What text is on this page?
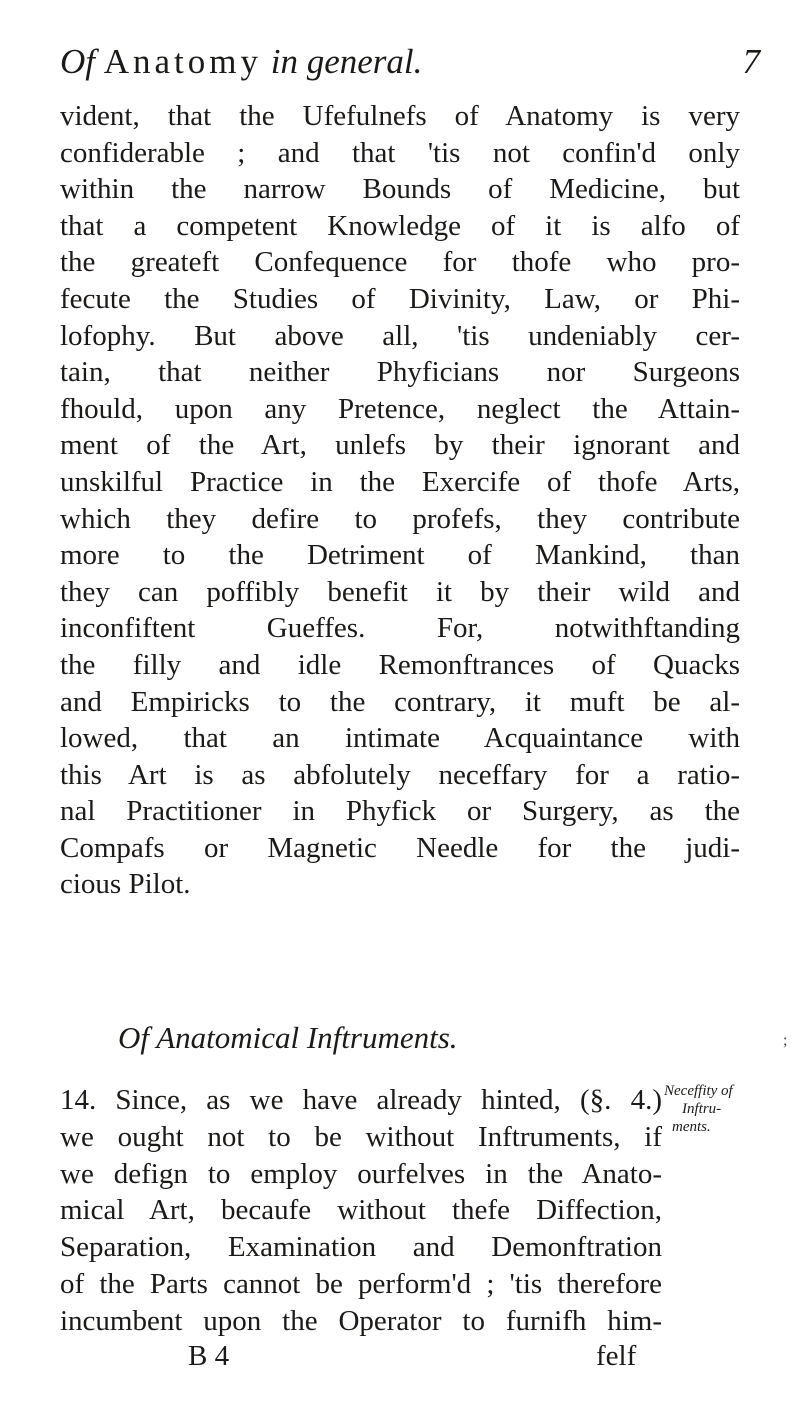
Of Anatomy in general.	7
vident, that the Ufefulnefs of Anatomy is very
confiderable ; and that 'tis not confin'd only
within the narrow Bounds of Medicine, but
that a competent Knowledge of it is alfo of
the greateft Confequence for thofe who pro-
fecute the Studies of Divinity, Law, or Phi-
lofophy. But above all, 'tis undeniably cer-
tain, that neither Phyficians nor Surgeons
fhould, upon any Pretence, neglect the Attain-
ment of the Art, unlefs by their ignorant and
unskilful Practice in the Exercife of thofe Arts,
which they defire to profefs, they contribute
more to the Detriment of Mankind, than
they can poffibly benefit it by their wild and
inconfiftent Gueffes. For, notwithftanding
the filly and idle Remonftrances of Quacks
and Empiricks to the contrary, it muft be al-
lowed, that an intimate Acquaintance with
this Art is as abfolutely neceffary for a ratio-
nal Practitioner in Phyfick or Surgery, as the
Compafs or Magnetic Needle for the judi-
cious Pilot.
;
Of Anatomical Inftruments.
14. Since, as we have already hinted, (§. 4.)
we ought not to be without Inftruments, if
we defign to employ ourfelves in the Anato-
mical Art, becaufe without thefe Diffection,
Separation, Examination and Demonftration
of the Parts cannot be perform'd ; 'tis therefore
incumbent upon the Operator to furnifh him-
Neceffity of
Inftru-
ments.
B 4	felf
